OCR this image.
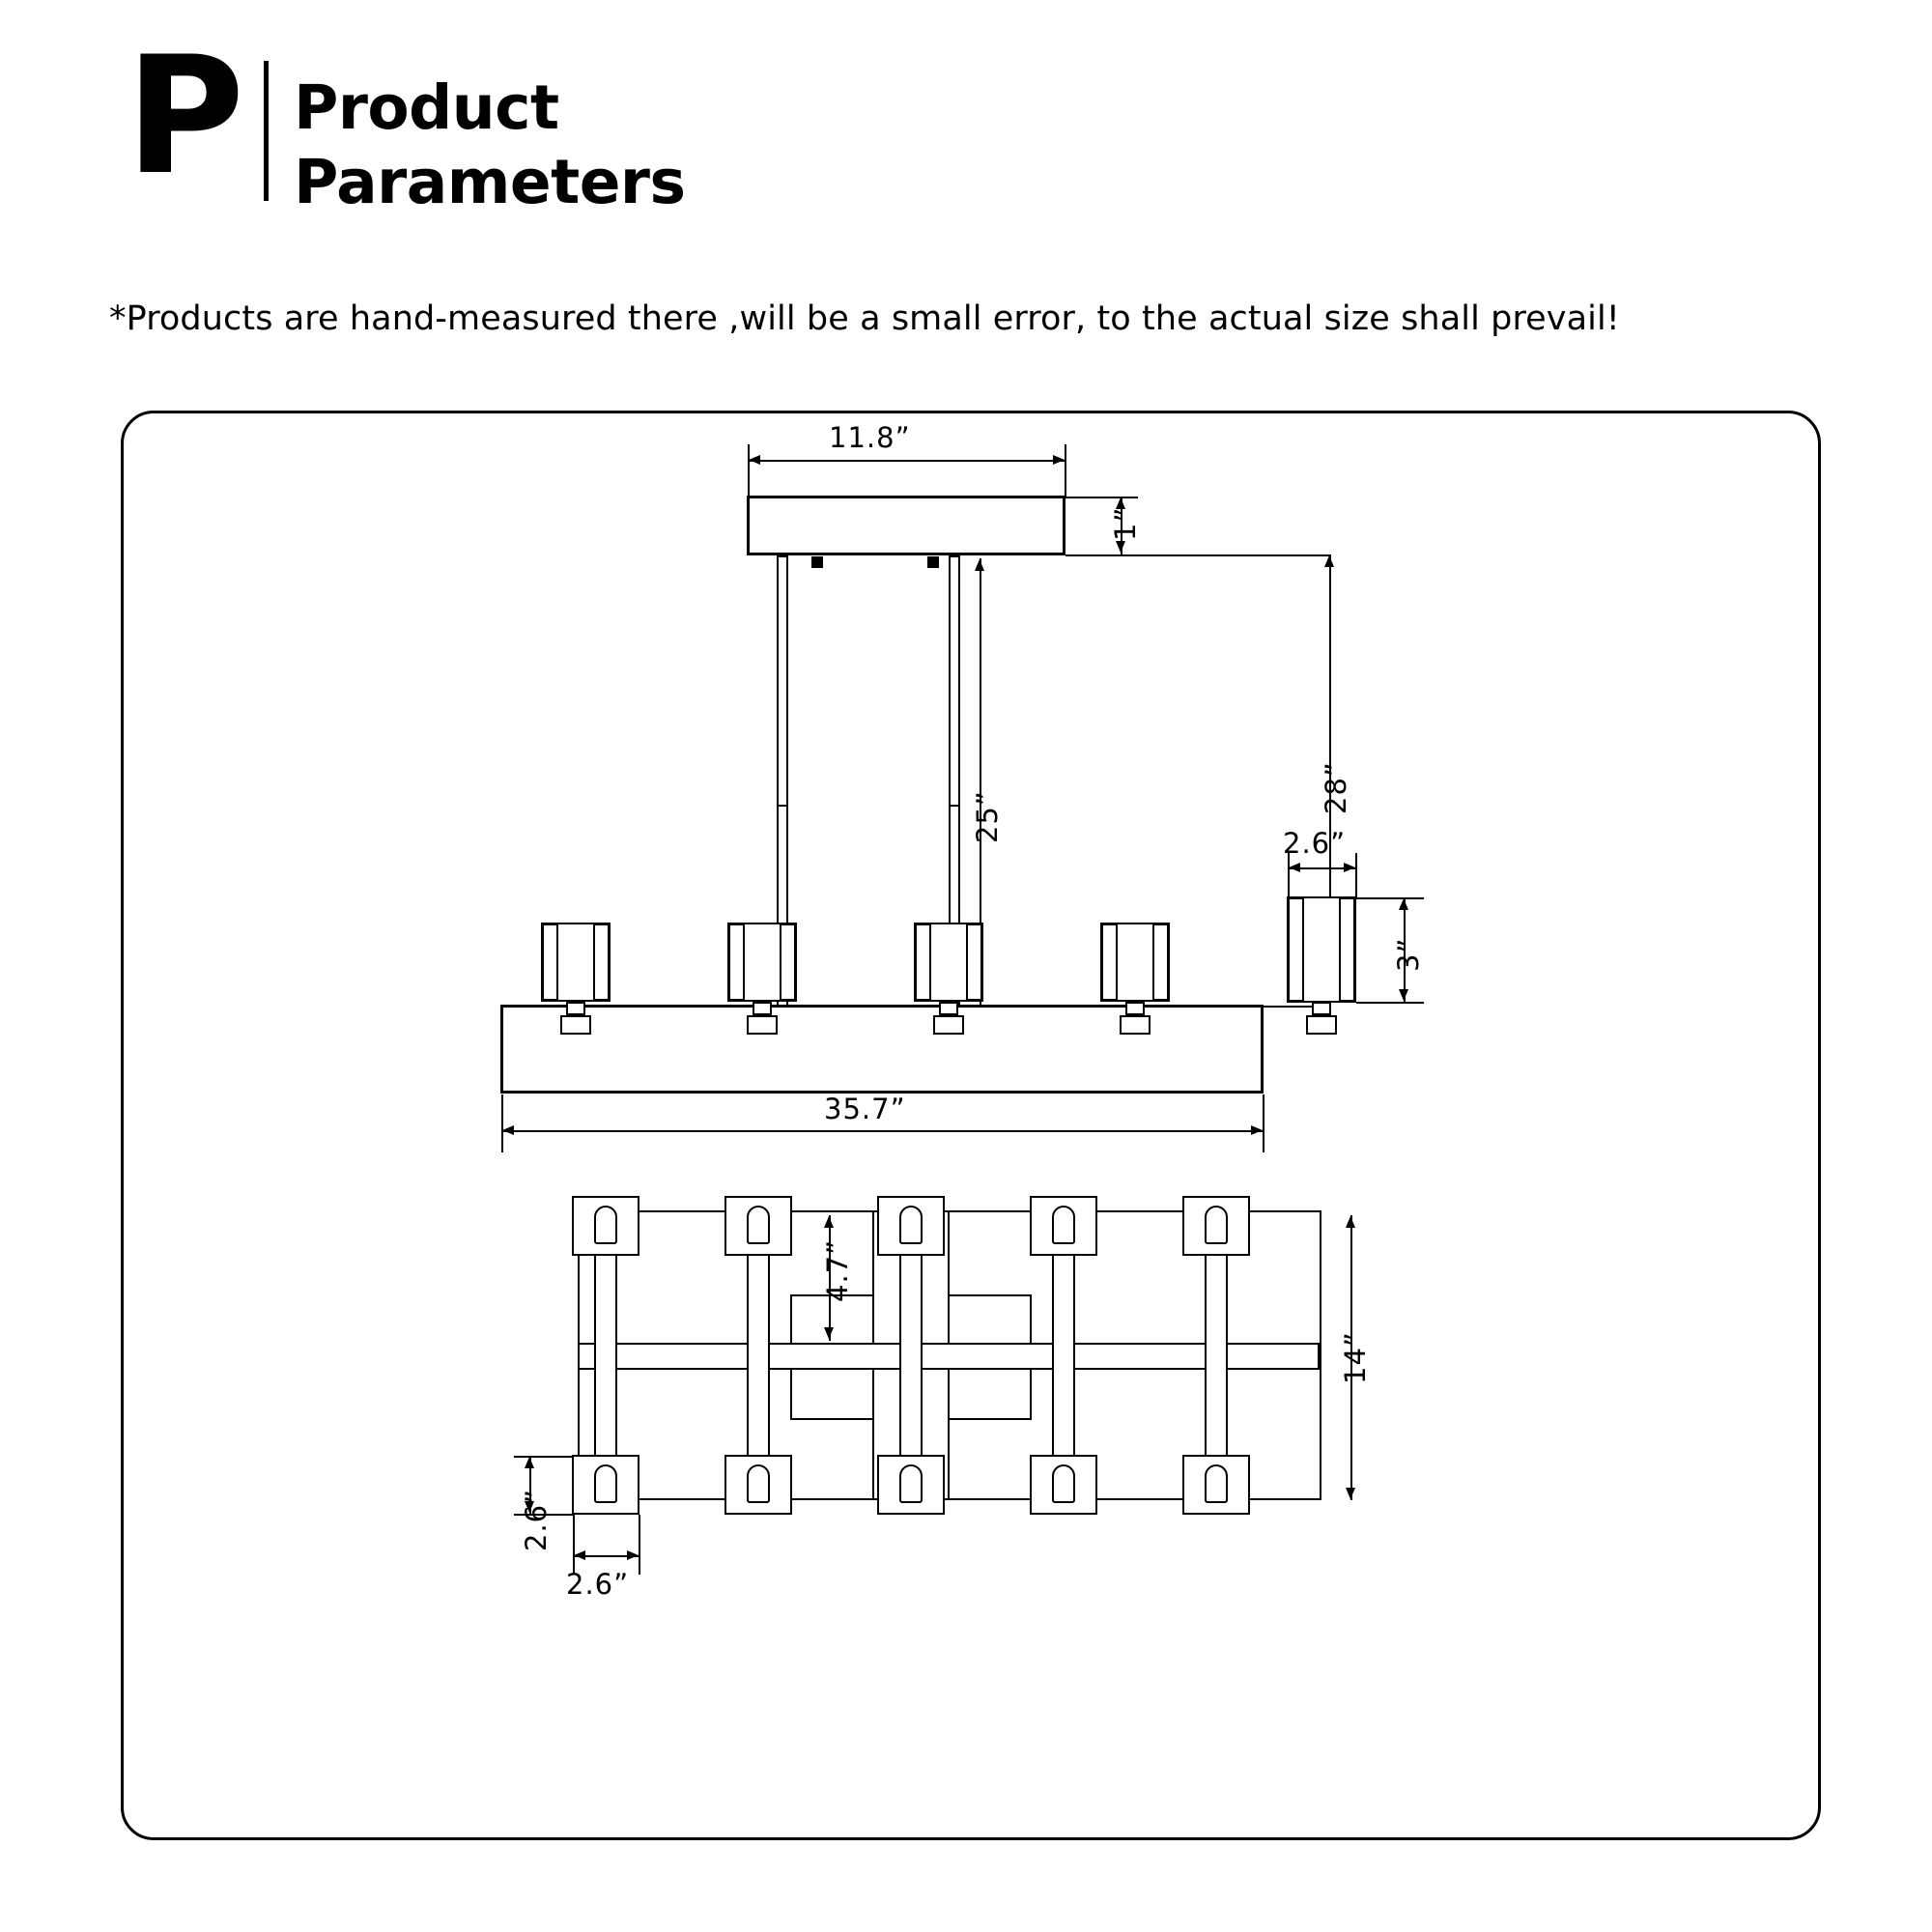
P Product
Parameters
*Products are hand-measured there ,will be a small error, to the actual size shall prevail!
11.8”
1”
25”
28”
2.6”
3”
35.7”
4.7”
14”
2.6”
2.6”
